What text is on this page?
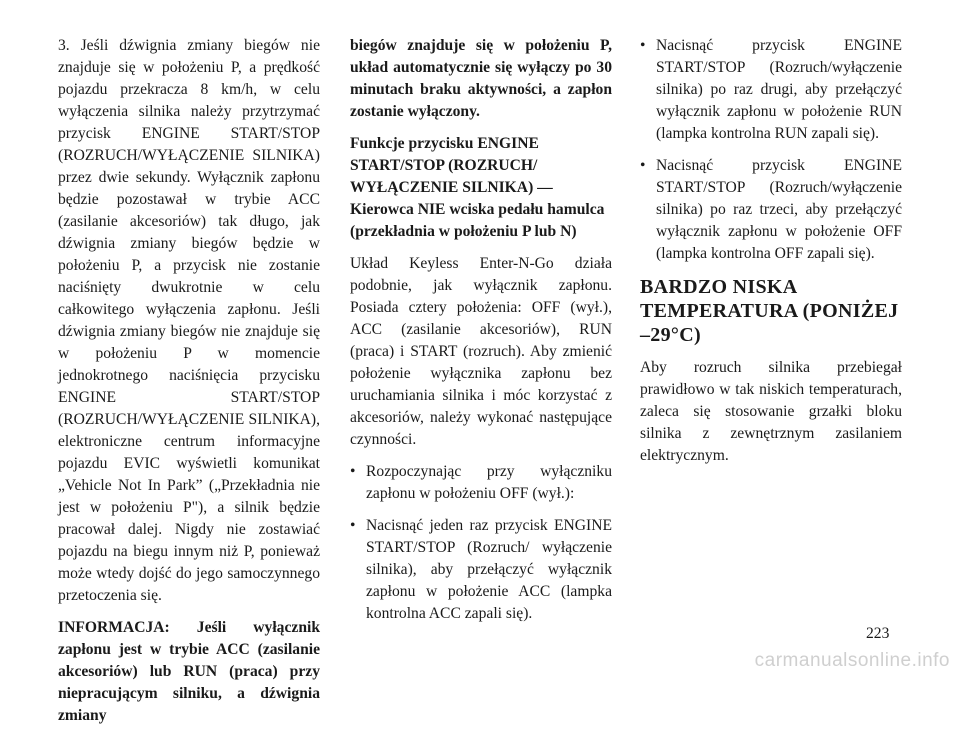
3. Jeśli dźwignia zmiany biegów nie znajduje się w położeniu P, a prędkość pojazdu przekracza 8 km/h, w celu wyłączenia silnika należy przytrzymać przycisk ENGINE START/STOP (ROZRUCH/WYŁĄCZENIE SILNIKA) przez dwie sekundy. Wyłącznik zapłonu będzie pozostawał w trybie ACC (zasilanie akcesoriów) tak długo, jak dźwignia zmiany biegów będzie w położeniu P, a przycisk nie zostanie naciśnięty dwukrotnie w celu całkowitego wyłączenia zapłonu. Jeśli dźwignia zmiany biegów nie znajduje się w położeniu P w momencie jednokrotnego naciśnięcia przycisku ENGINE START/STOP (ROZRUCH/WYŁĄCZENIE SILNIKA), elektroniczne centrum informacyjne pojazdu EVIC wyświetli komunikat „Vehicle Not In Park” („Przekładnia nie jest w położeniu P"), a silnik będzie pracował dalej. Nigdy nie zostawiać pojazdu na biegu innym niż P, ponieważ może wtedy dojść do jego samoczynnego przetoczenia się.

INFORMACJA: Jeśli wyłącznik zapłonu jest w trybie ACC (zasilanie akcesoriów) lub RUN (praca) przy niepracującym silniku, a dźwignia zmiany

biegów znajduje się w położeniu P, układ automatycznie się wyłączy po 30 minutach braku aktywności, a zapłon zostanie wyłączony.

Funkcje przycisku ENGINE START/STOP (ROZRUCH/ WYŁĄCZENIE SILNIKA) — Kierowca NIE wciska pedału hamulca (przekładnia w położeniu P lub N)

Układ Keyless Enter-N-Go działa podobnie, jak wyłącznik zapłonu. Posiada cztery położenia: OFF (wył.), ACC (zasilanie akcesoriów), RUN (praca) i START (rozruch). Aby zmienić położenie wyłącznika zapłonu bez uruchamiania silnika i móc korzystać z akcesoriów, należy wykonać następujące czynności.

• Rozpoczynając przy wyłączniku zapłonu w położeniu OFF (wył.):
• Nacisnąć jeden raz przycisk ENGINE START/STOP (Rozruch/ wyłączenie silnika), aby przełączyć wyłącznik zapłonu w położenie ACC (lampka kontrolna ACC zapali się).
• Nacisnąć przycisk ENGINE START/STOP (Rozruch/wyłączenie silnika) po raz drugi, aby przełączyć wyłącznik zapłonu w położenie RUN (lampka kontrolna RUN zapali się).
• Nacisnąć przycisk ENGINE START/STOP (Rozruch/wyłączenie silnika) po raz trzeci, aby przełączyć wyłącznik zapłonu w położenie OFF (lampka kontrolna OFF zapali się).
BARDZO NISKA TEMPERATURA (PONIŻEJ –29°C)

Aby rozruch silnika przebiegał prawidłowo w tak niskich temperaturach, zaleca się stosowanie grzałki bloku silnika z zewnętrznym zasilaniem elektrycznym.

223
carmanualsonline.info
